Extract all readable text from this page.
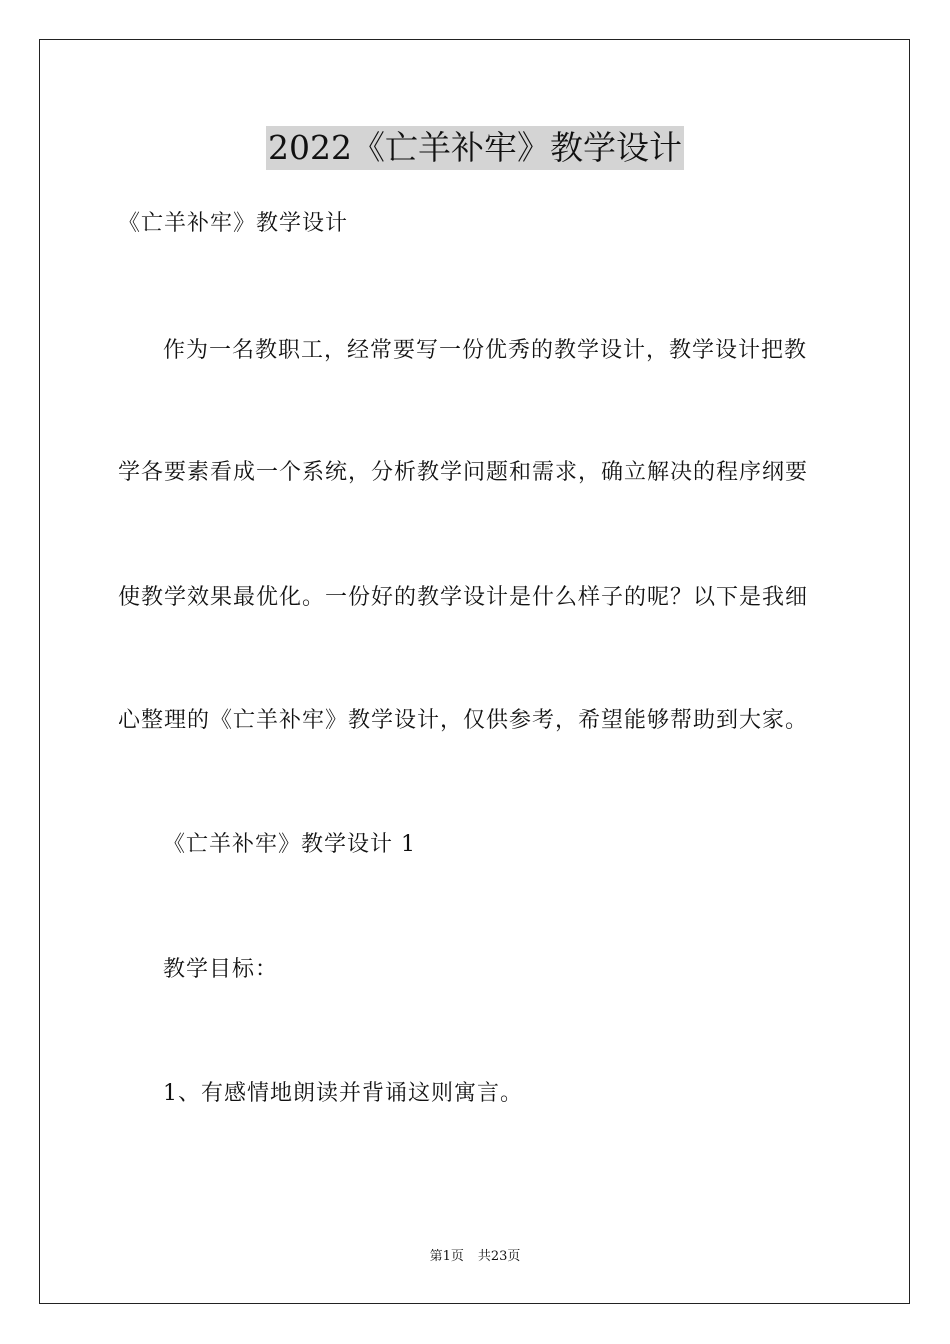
2022《亡羊补牢》教学设计
《亡羊补牢》教学设计
作为一名教职工，经常要写一份优秀的教学设计，教学设计把教
学各要素看成一个系统，分析教学问题和需求，确立解决的程序纲要
使教学效果最优化。一份好的教学设计是什么样子的呢？以下是我细
心整理的《亡羊补牢》教学设计，仅供参考，希望能够帮助到大家。
《亡羊补牢》教学设计 1
教学目标：
1、有感情地朗读并背诵这则寓言。
第1页 共23页
